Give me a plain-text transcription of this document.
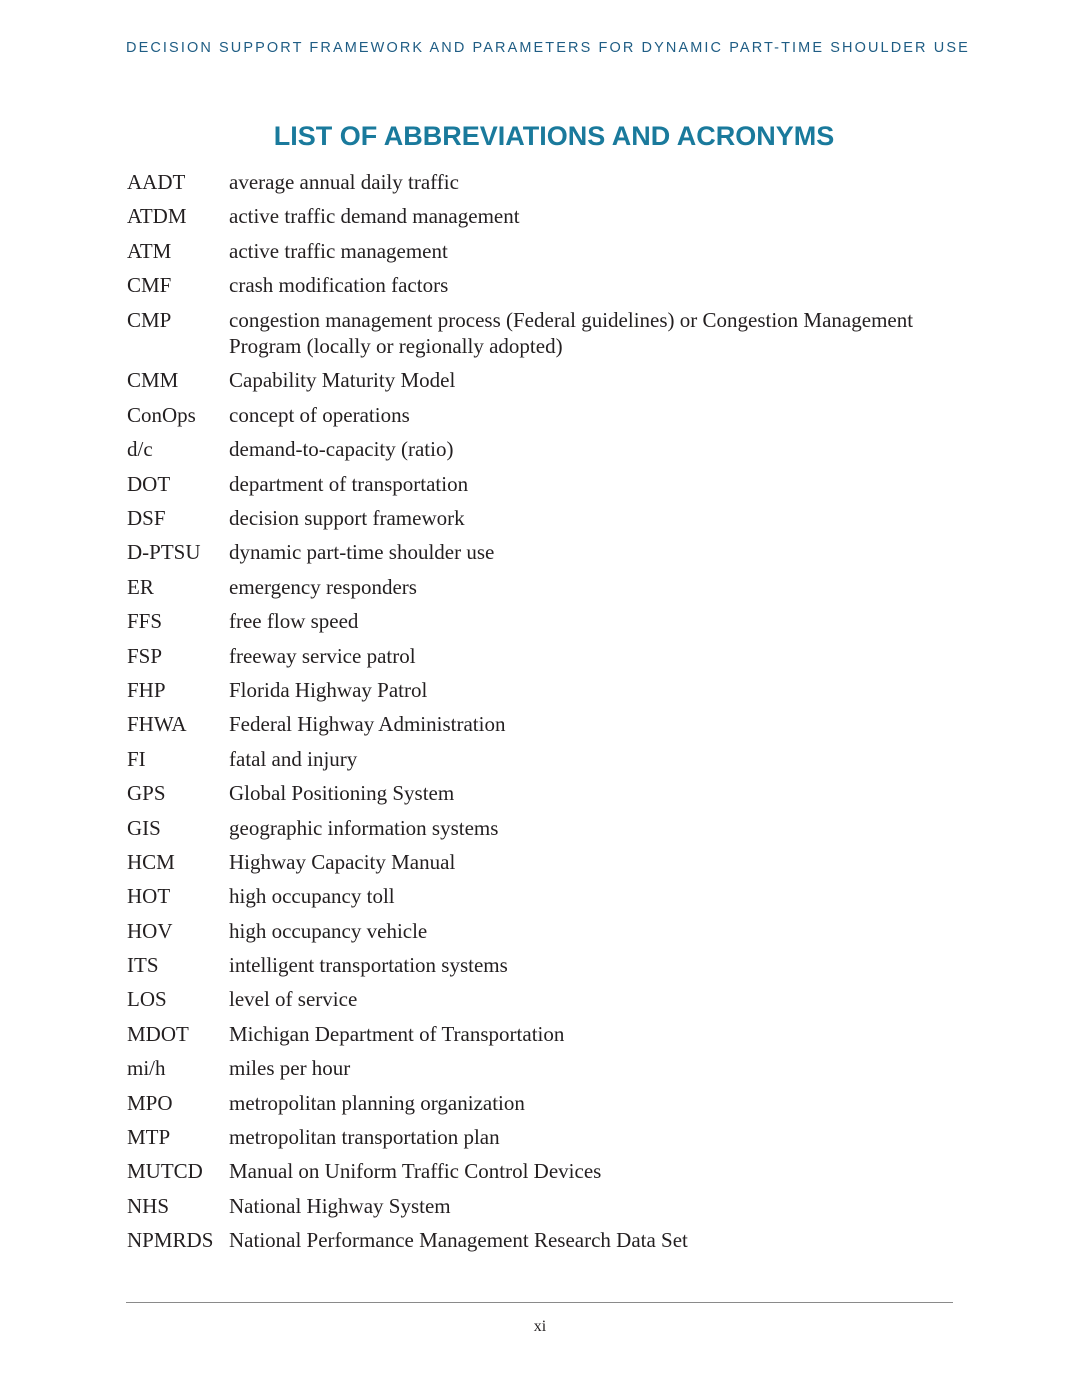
DECISION SUPPORT FRAMEWORK AND PARAMETERS FOR DYNAMIC PART-TIME SHOULDER USE
LIST OF ABBREVIATIONS AND ACRONYMS
AADT	average annual daily traffic
ATDM	active traffic demand management
ATM	active traffic management
CMF	crash modification factors
CMP	congestion management process (Federal guidelines) or Congestion Management Program (locally or regionally adopted)
CMM	Capability Maturity Model
ConOps	concept of operations
d/c	demand-to-capacity (ratio)
DOT	department of transportation
DSF	decision support framework
D-PTSU	dynamic part-time shoulder use
ER	emergency responders
FFS	free flow speed
FSP	freeway service patrol
FHP	Florida Highway Patrol
FHWA	Federal Highway Administration
FI	fatal and injury
GPS	Global Positioning System
GIS	geographic information systems
HCM	Highway Capacity Manual
HOT	high occupancy toll
HOV	high occupancy vehicle
ITS	intelligent transportation systems
LOS	level of service
MDOT	Michigan Department of Transportation
mi/h	miles per hour
MPO	metropolitan planning organization
MTP	metropolitan transportation plan
MUTCD	Manual on Uniform Traffic Control Devices
NHS	National Highway System
NPMRDS National Performance Management Research Data Set
xi
